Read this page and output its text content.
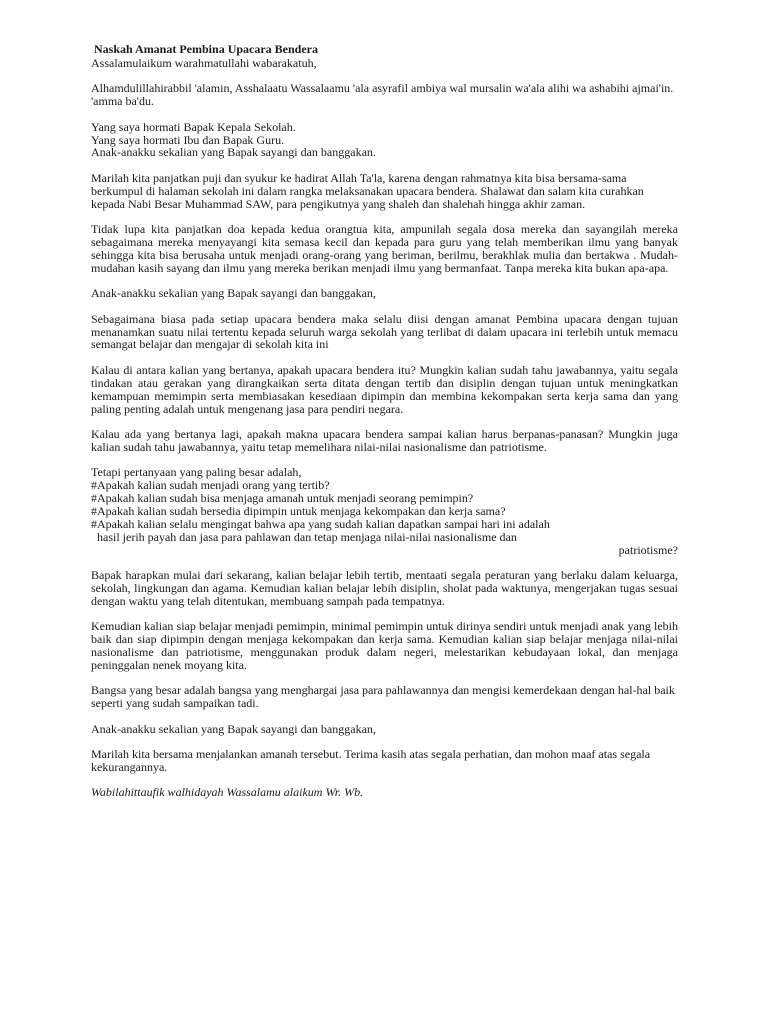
Naskah Amanat Pembina Upacara Bendera
Assalamulaikum warahmatullahi wabarakatuh,
Alhamdulillahirabbil 'alamin, Asshalaatu Wassalaamu 'ala asyrafil ambiya wal mursalin wa'ala alihi wa ashabihi ajmai'in. 'amma ba'du.
Yang saya hormati Bapak Kepala Sekolah.
Yang saya hormati Ibu dan Bapak Guru.
Anak-anakku sekalian yang Bapak sayangi dan banggakan.
Marilah kita panjatkan puji dan syukur ke hadirat Allah Ta'la, karena dengan rahmatnya kita bisa bersama-sama berkumpul di halaman sekolah ini dalam rangka melaksanakan upacara bendera. Shalawat dan salam kita curahkan kepada Nabi Besar Muhammad SAW, para pengikutnya yang shaleh dan shalehah hingga akhir zaman.
Tidak lupa kita panjatkan doa kepada kedua orangtua kita, ampunilah segala dosa mereka dan sayangilah mereka sebagaimana mereka menyayangi kita semasa kecil dan kepada para guru yang telah memberikan ilmu yang banyak sehingga kita bisa berusaha untuk menjadi orang-orang yang beriman, berilmu, berakhlak mulia dan bertakwa . Mudah-mudahan kasih sayang dan ilmu yang mereka berikan menjadi ilmu yang bermanfaat. Tanpa mereka kita bukan apa-apa.
Anak-anakku sekalian yang Bapak sayangi dan banggakan,
Sebagaimana biasa pada setiap upacara bendera maka selalu diisi dengan amanat Pembina upacara dengan tujuan menanamkan suatu nilai tertentu kepada seluruh warga sekolah yang terlibat di dalam upacara ini terlebih untuk memacu semangat belajar dan mengajar di sekolah kita ini
Kalau di antara kalian yang bertanya, apakah upacara bendera itu? Mungkin kalian sudah tahu jawabannya, yaitu segala tindakan atau gerakan yang dirangkaikan serta ditata dengan tertib dan disiplin dengan tujuan untuk meningkatkan kemampuan memimpin serta membiasakan kesediaan dipimpin dan membina kekompakan serta kerja sama dan yang paling penting adalah untuk mengenang jasa para pendiri negara.
Kalau ada yang bertanya lagi, apakah makna upacara bendera sampai kalian harus berpanas-panasan? Mungkin juga kalian sudah tahu jawabannya, yaitu tetap memelihara nilai-nilai nasionalisme dan patriotisme.
Tetapi pertanyaan yang paling besar adalah,
#Apakah kalian sudah menjadi orang yang tertib?
#Apakah kalian sudah bisa menjaga amanah untuk menjadi seorang pemimpin?
#Apakah kalian sudah bersedia dipimpin untuk menjaga kekompakan dan kerja sama?
#Apakah kalian selalu mengingat bahwa apa yang sudah kalian dapatkan sampai hari ini adalah
hasil jerih payah dan jasa para pahlawan dan tetap menjaga nilai-nilai nasionalisme dan
patriotisme?
Bapak harapkan mulai dari sekarang, kalian belajar lebih tertib, mentaati segala peraturan yang berlaku dalam keluarga, sekolah, lingkungan dan agama. Kemudian kalian belajar lebih disiplin, sholat pada waktunya, mengerjakan tugas sesuai dengan waktu yang telah ditentukan, membuang sampah pada tempatnya.
Kemudian kalian siap belajar menjadi pemimpin, minimal pemimpin untuk dirinya sendiri untuk menjadi anak yang lebih baik dan siap dipimpin dengan menjaga kekompakan dan kerja sama. Kemudian kalian siap belajar menjaga nilai-nilai nasionalisme dan patriotisme, menggunakan produk dalam negeri, melestarikan kebudayaan lokal, dan menjaga peninggalan nenek moyang kita.
Bangsa yang besar adalah bangsa yang menghargai jasa para pahlawannya dan mengisi kemerdekaan dengan hal-hal baik seperti yang sudah sampaikan tadi.
Anak-anakku sekalian yang Bapak sayangi dan banggakan,
Marilah kita bersama menjalankan amanah tersebut. Terima kasih atas segala perhatian, dan mohon maaf atas segala kekurangannya.
Wabilahittaufik walhidayah Wassalamu alaikum Wr. Wb.
